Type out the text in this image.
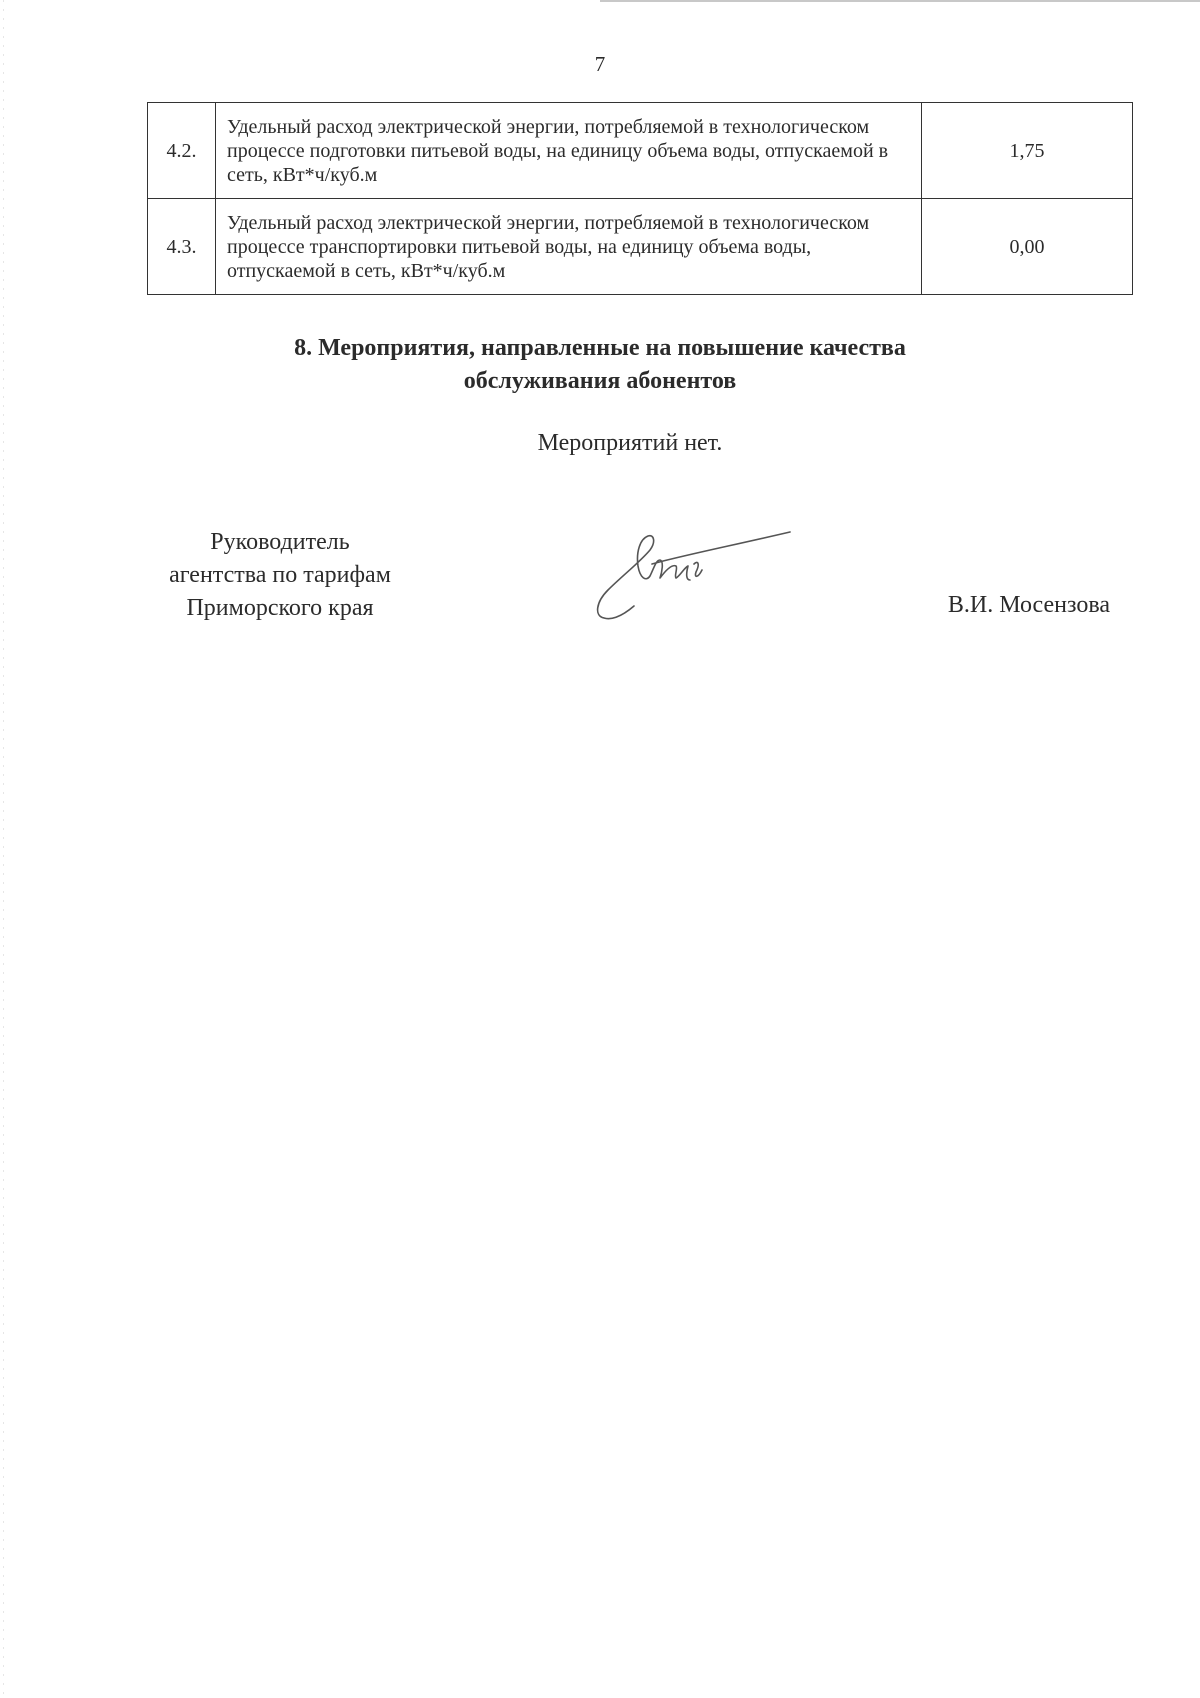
7
4.2.	Удельный расход электрической энергии, потребляемой в технологическом процессе подготовки питьевой воды, на единицу объема воды, отпускаемой в сеть, кВт*ч/куб.м	1,75
4.3.	Удельный расход электрической энергии, потребляемой в технологическом процессе транспортировки питьевой воды, на единицу объема воды, отпускаемой в сеть, кВт*ч/куб.м	0,00
8. Мероприятия, направленные на повышение качества
обслуживания абонентов
Мероприятий нет.
Руководитель
агентства по тарифам
Приморского края	В.И. Мосензова
